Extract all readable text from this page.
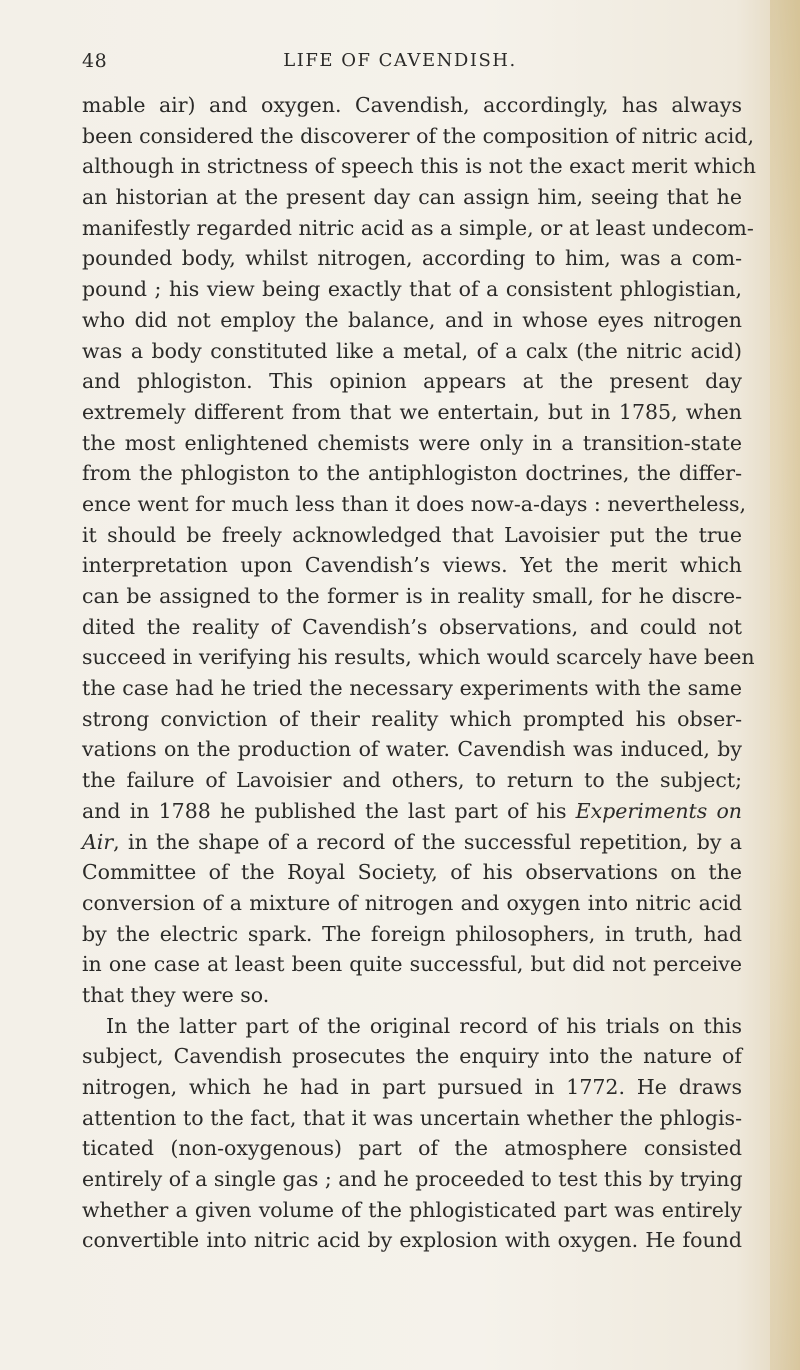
48	LIFE OF CAVENDISH.
mable air) and oxygen. Cavendish, accordingly, has always
been considered the discoverer of the composition of nitric acid,
although in strictness of speech this is not the exact merit which
an historian at the present day can assign him, seeing that he
manifestly regarded nitric acid as a simple, or at least undecom-
pounded body, whilst nitrogen, according to him, was a com-
pound ; his view being exactly that of a consistent phlogistian,
who did not employ the balance, and in whose eyes nitrogen
was a body constituted like a metal, of a calx (the nitric acid)
and phlogiston. This opinion appears at the present day
extremely different from that we entertain, but in 1785, when
the most enlightened chemists were only in a transition-state
from the phlogiston to the antiphlogiston doctrines, the differ-
ence went for much less than it does now-a-days : nevertheless,
it should be freely acknowledged that Lavoisier put the true
interpretation upon Cavendish’s views. Yet the merit which
can be assigned to the former is in reality small, for he discre-
dited the reality of Cavendish’s observations, and could not
succeed in verifying his results, which would scarcely have been
the case had he tried the necessary experiments with the same
strong conviction of their reality which prompted his obser-
vations on the production of water. Cavendish was induced, by
the failure of Lavoisier and others, to return to the subject;
and in 1788 he published the last part of his Experiments on
Air, in the shape of a record of the successful repetition, by a
Committee of the Royal Society, of his observations on the
conversion of a mixture of nitrogen and oxygen into nitric acid
by the electric spark. The foreign philosophers, in truth, had
in one case at least been quite successful, but did not perceive
that they were so.
In the latter part of the original record of his trials on this
subject, Cavendish prosecutes the enquiry into the nature of
nitrogen, which he had in part pursued in 1772. He draws
attention to the fact, that it was uncertain whether the phlogis-
ticated (non-oxygenous) part of the atmosphere consisted
entirely of a single gas ; and he proceeded to test this by trying
whether a given volume of the phlogisticated part was entirely
convertible into nitric acid by explosion with oxygen. He found
